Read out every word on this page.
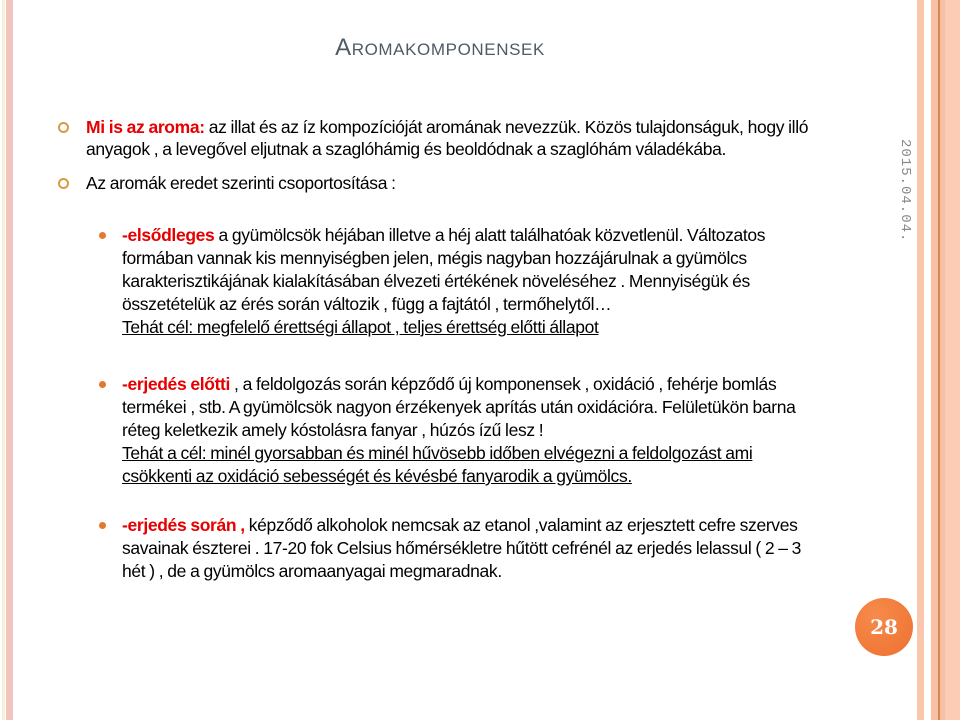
Aromakomponensek
2015.04.04.
28
Mi is az aroma: az illat és az íz kompozícióját aromának nevezzük. Közös tulajdonságuk, hogy illó anyagok , a levegővel eljutnak a szaglóhámig és beoldódnak a szaglóhám váladékába.
Az aromák eredet szerinti csoportosítása :
-elsődleges a gyümölcsök héjában illetve a héj alatt találhatóak közvetlenül. Változatos formában vannak kis mennyiségben jelen, mégis nagyban hozzájárulnak a gyümölcs karakterisztikájának kialakításában élvezeti értékének növeléséhez . Mennyiségük és összetételük az érés során változik , függ a fajtától , termőhelytől…
Tehát cél: megfelelő érettségi állapot , teljes érettség előtti állapot
-erjedés előtti , a feldolgozás során képződő új komponensek , oxidáció , fehérje bomlás termékei , stb. A gyümölcsök nagyon érzékenyek aprítás után oxidációra. Felületükön barna réteg keletkezik amely kóstolásra fanyar , húzós ízű lesz !
Tehát a cél: minél gyorsabban és minél hűvösebb időben elvégezni a feldolgozást ami csökkenti az oxidáció sebességét és kévésbé fanyarodik a gyümölcs.
-erjedés során , képződő alkoholok nemcsak az etanol ,valamint az erjesztett cefre szerves savainak észterei . 17-20 fok Celsius hőmérsékletre hűtött cefrénél az erjedés lelassul ( 2 – 3 hét ) , de a gyümölcs aromaanyagai megmaradnak.
